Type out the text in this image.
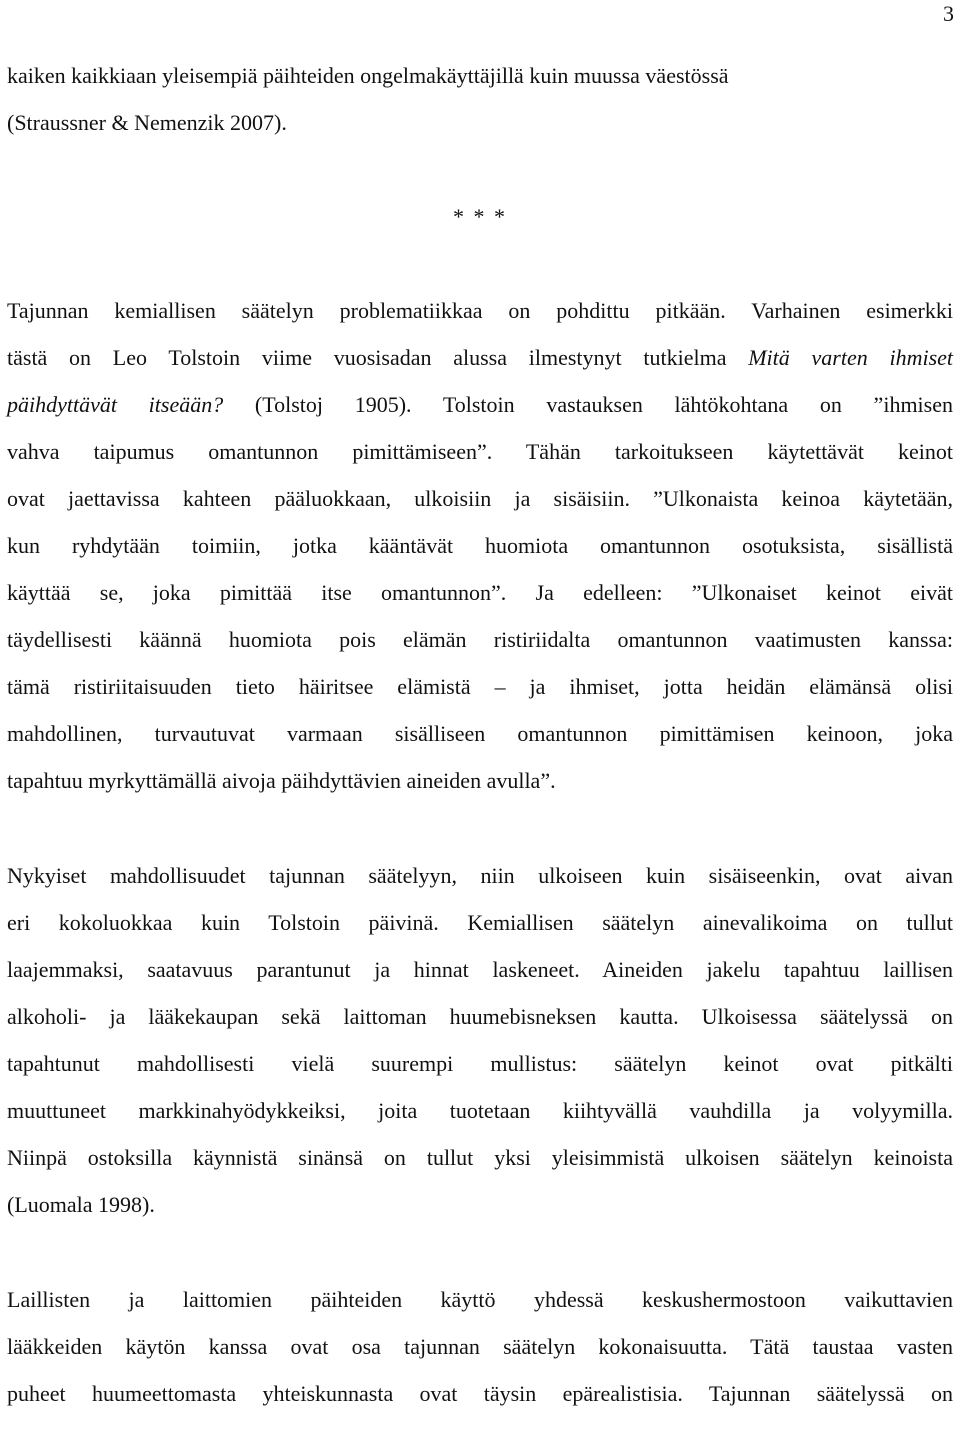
3
kaiken kaikkiaan yleisempiä päihteiden ongelmakäyttäjillä kuin muussa väestössä
(Straussner & Nemenzik 2007).
* * *
Tajunnan kemiallisen säätelyn problematiikkaa on pohdittu pitkään. Varhainen esimerkki
tästä on Leo Tolstoin viime vuosisadan alussa ilmestynyt tutkielma Mitä varten ihmiset
päihdyttävät itseään? (Tolstoj 1905). Tolstoin vastauksen lähtökohtana on ”ihmisen
vahva taipumus omantunnon pimittämiseen”. Tähän tarkoitukseen käytettävät keinot
ovat jaettavissa kahteen pääluokkaan, ulkoisiin ja sisäisiin. ”Ulkonaista keinoa käytetään,
kun ryhdytään toimiin, jotka kääntävät huomiota omantunnon osotuksista, sisällistä
käyttää se, joka pimittää itse omantunnon”. Ja edelleen: ”Ulkonaiset keinot eivät
täydellisesti käännä huomiota pois elämän ristiriidalta omantunnon vaatimusten kanssa:
tämä ristiriitaisuuden tieto häiritsee elämistä – ja ihmiset, jotta heidän elämänsä olisi
mahdollinen, turvautuvat varmaan sisälliseen omantunnon pimittämisen keinoon, joka
tapahtuu myrkyttämällä aivoja päihdyttävien aineiden avulla”.
Nykyiset mahdollisuudet tajunnan säätelyyn, niin ulkoiseen kuin sisäiseenkin, ovat aivan
eri kokoluokkaa kuin Tolstoin päivinä. Kemiallisen säätelyn ainevalikoima on tullut
laajemmaksi, saatavuus parantunut ja hinnat laskeneet. Aineiden jakelu tapahtuu laillisen
alkoholi- ja lääkekaupan sekä laittoman huumebisneksen kautta. Ulkoisessa säätelyssä on
tapahtunut mahdollisesti vielä suurempi mullistus: säätelyn keinot ovat pitkälti
muuttuneet markkinahyödykkeiksi, joita tuotetaan kiihtyvällä vauhdilla ja volyymilla.
Niinpä ostoksilla käynnistä sinänsä on tullut yksi yleisimmistä ulkoisen säätelyn keinoista
(Luomala 1998).
Laillisten ja laittomien päihteiden käyttö yhdessä keskushermostoon vaikuttavien
lääkkeiden käytön kanssa ovat osa tajunnan säätelyn kokonaisuutta. Tätä taustaa vasten
puheet huumeettomasta yhteiskunnasta ovat täysin epärealistisia. Tajunnan säätelyssä on
